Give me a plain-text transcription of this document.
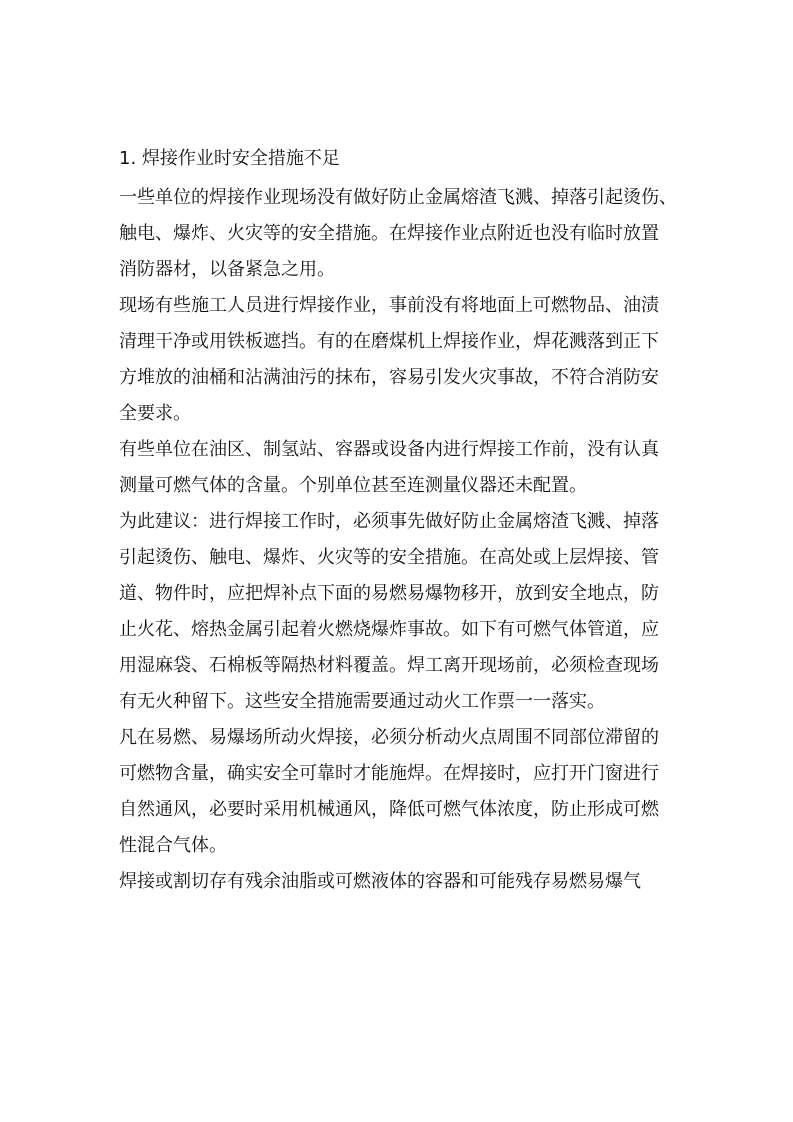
1. 焊接作业时安全措施不足
一些单位的焊接作业现场没有做好防止金属熔渣飞溅、掉落引起烫伤、
触电、爆炸、火灾等的安全措施。在焊接作业点附近也没有临时放置
消防器材，以备紧急之用。
现场有些施工人员进行焊接作业，事前没有将地面上可燃物品、油渍
清理干净或用铁板遮挡。有的在磨煤机上焊接作业，焊花溅落到正下
方堆放的油桶和沾满油污的抹布，容易引发火灾事故，不符合消防安
全要求。
有些单位在油区、制氢站、容器或设备内进行焊接工作前，没有认真
测量可燃气体的含量。个别单位甚至连测量仪器还未配置。
为此建议：进行焊接工作时，必须事先做好防止金属熔渣飞溅、掉落
引起烫伤、触电、爆炸、火灾等的安全措施。在高处或上层焊接、管
道、物件时，应把焊补点下面的易燃易爆物移开，放到安全地点，防
止火花、熔热金属引起着火燃烧爆炸事故。如下有可燃气体管道，应
用湿麻袋、石棉板等隔热材料覆盖。焊工离开现场前，必须检查现场
有无火种留下。这些安全措施需要通过动火工作票一一落实。
凡在易燃、易爆场所动火焊接，必须分析动火点周围不同部位滞留的
可燃物含量，确实安全可靠时才能施焊。在焊接时，应打开门窗进行
自然通风，必要时采用机械通风，降低可燃气体浓度，防止形成可燃
性混合气体。
焊接或割切存有残余油脂或可燃液体的容器和可能残存易燃易爆气
